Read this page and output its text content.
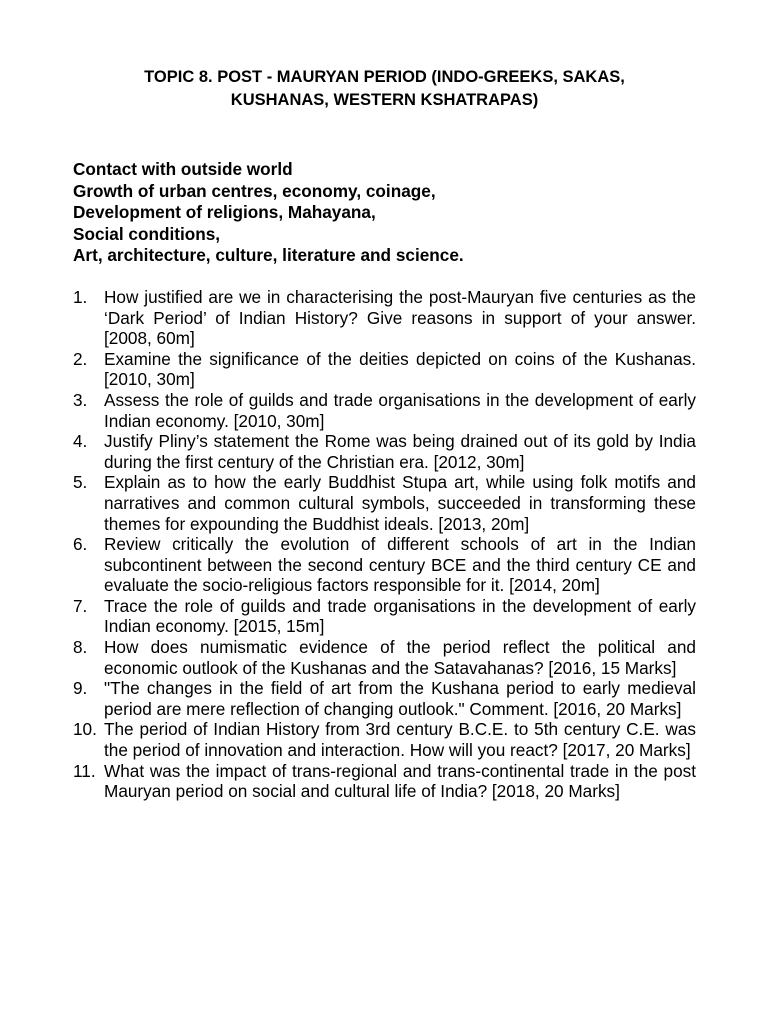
TOPIC 8. POST - MAURYAN PERIOD (INDO-GREEKS, SAKAS,
KUSHANAS, WESTERN KSHATRAPAS)
Contact with outside world
Growth of urban centres, economy, coinage,
Development of religions, Mahayana,
Social conditions,
Art, architecture, culture, literature and science.
1. How justified are we in characterising the post-Mauryan five centuries as the ‘Dark Period’ of Indian History? Give reasons in support of your answer. [2008, 60m]
2. Examine the significance of the deities depicted on coins of the Kushanas. [2010, 30m]
3. Assess the role of guilds and trade organisations in the development of early Indian economy. [2010, 30m]
4. Justify Pliny’s statement the Rome was being drained out of its gold by India during the first century of the Christian era. [2012, 30m]
5. Explain as to how the early Buddhist Stupa art, while using folk motifs and narratives and common cultural symbols, succeeded in transforming these themes for expounding the Buddhist ideals. [2013, 20m]
6. Review critically the evolution of different schools of art in the Indian subcontinent between the second century BCE and the third century CE and evaluate the socio-religious factors responsible for it. [2014, 20m]
7. Trace the role of guilds and trade organisations in the development of early Indian economy. [2015, 15m]
8. How does numismatic evidence of the period reflect the political and economic outlook of the Kushanas and the Satavahanas? [2016, 15 Marks]
9. "The changes in the field of art from the Kushana period to early medieval period are mere reflection of changing outlook." Comment. [2016, 20 Marks]
10. The period of Indian History from 3rd century B.C.E. to 5th century C.E. was the period of innovation and interaction. How will you react? [2017, 20 Marks]
11. What was the impact of trans-regional and trans-continental trade in the post Mauryan period on social and cultural life of India? [2018, 20 Marks]
